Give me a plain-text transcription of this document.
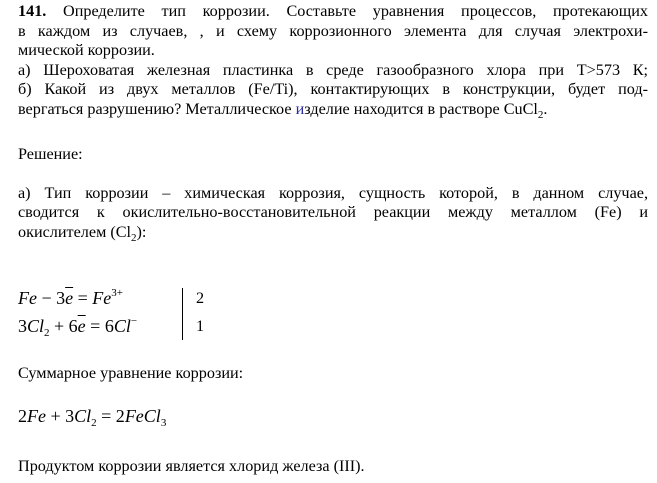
141. Определите тип коррозии. Составьте уравнения процессов, протекающих
в каждом из случаев, , и схему коррозионного элемента для случая электрохи-
мической коррозии.
а) Шероховатая железная пластинка в среде газообразного хлора при Т>573 К;
б) Какой из двух металлов (Fe/Ti), контактирующих в конструкции, будет под-
вергаться разрушению? Металлическое изделие находится в растворе CuCl$_2$.
Решение:
а) Тип коррозии – химическая коррозия, сущность которой, в данном случае,
сводится к окислительно-восстановительной реакции между металлом (Fe) и
окислителем $(Cl_2)$:
$Fe - 3\overline{e} = Fe^{3+}$
$3Cl_2 + 6\overline{e} = 6Cl^-$
2
1
Суммарное уравнение коррозии:
$2Fe + 3Cl_2$ = 2FeCl$_3$
Продуктом коррозии является хлорид железа (III).
